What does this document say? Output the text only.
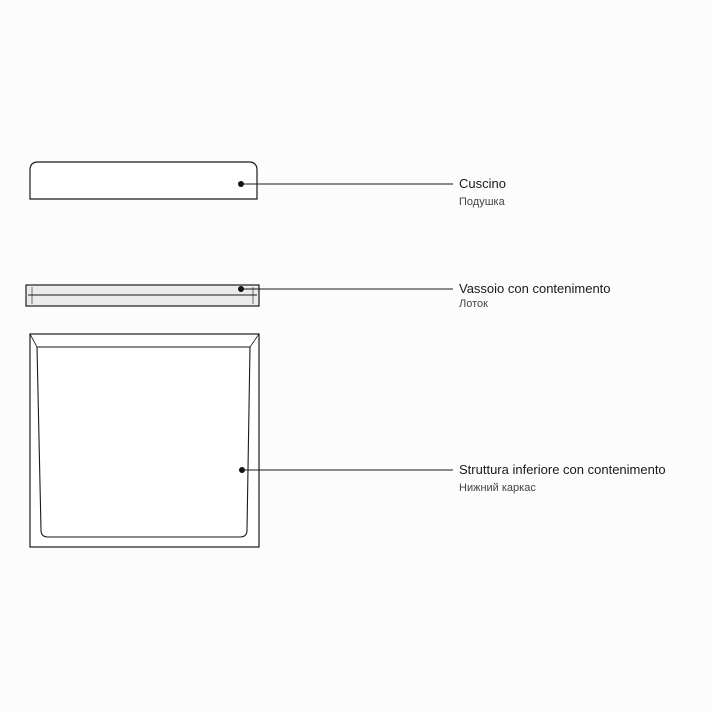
Cuscino
Подушка
Vassoio con contenimento
Лоток
Struttura inferiore con contenimento
Нижний каркас
